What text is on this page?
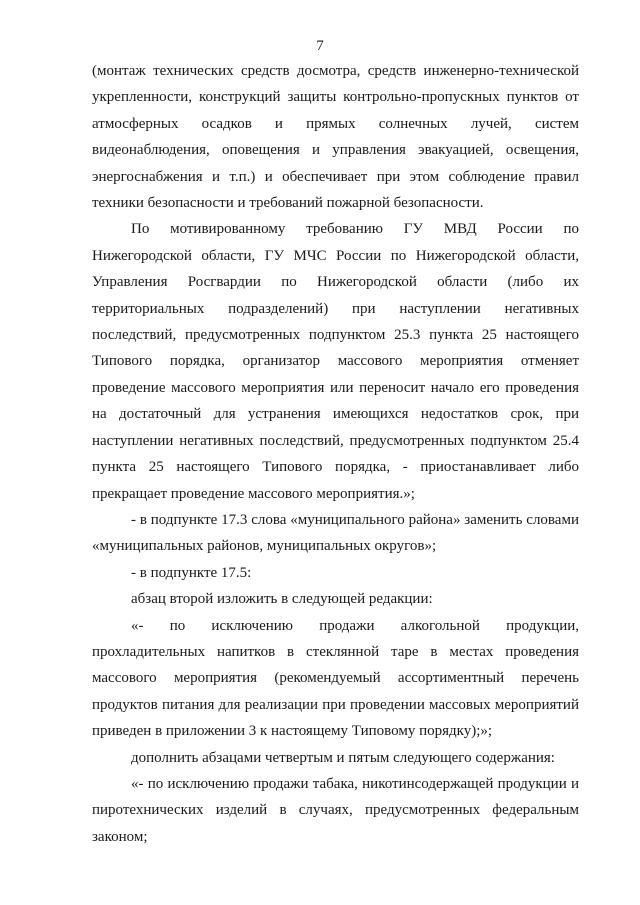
7

(монтаж технических средств досмотра, средств инженерно-технической укрепленности, конструкций защиты контрольно-пропускных пунктов от атмосферных осадков и прямых солнечных лучей, систем видеонаблюдения, оповещения и управления эвакуацией, освещения, энергоснабжения и т.п.) и обеспечивает при этом соблюдение правил техники безопасности и требований пожарной безопасности.

По мотивированному требованию ГУ МВД России по Нижегородской области, ГУ МЧС России по Нижегородской области, Управления Росгвардии по Нижегородской области (либо их территориальных подразделений) при наступлении негативных последствий, предусмотренных подпунктом 25.3 пункта 25 настоящего Типового порядка, организатор массового мероприятия отменяет проведение массового мероприятия или переносит начало его проведения на достаточный для устранения имеющихся недостатков срок, при наступлении негативных последствий, предусмотренных подпунктом 25.4 пункта 25 настоящего Типового порядка, - приостанавливает либо прекращает проведение массового мероприятия.»;

- в подпункте 17.3 слова «муниципального района» заменить словами «муниципальных районов, муниципальных округов»;

- в подпункте 17.5:

абзац второй изложить в следующей редакции:

«- по исключению продажи алкогольной продукции, прохладительных напитков в стеклянной таре в местах проведения массового мероприятия (рекомендуемый ассортиментный перечень продуктов питания для реализации при проведении массовых мероприятий приведен в приложении 3 к настоящему Типовому порядку);»;

дополнить абзацами четвертым и пятым следующего содержания:

«- по исключению продажи табака, никотинсодержащей продукции и пиротехнических изделий в случаях, предусмотренных федеральным законом;
